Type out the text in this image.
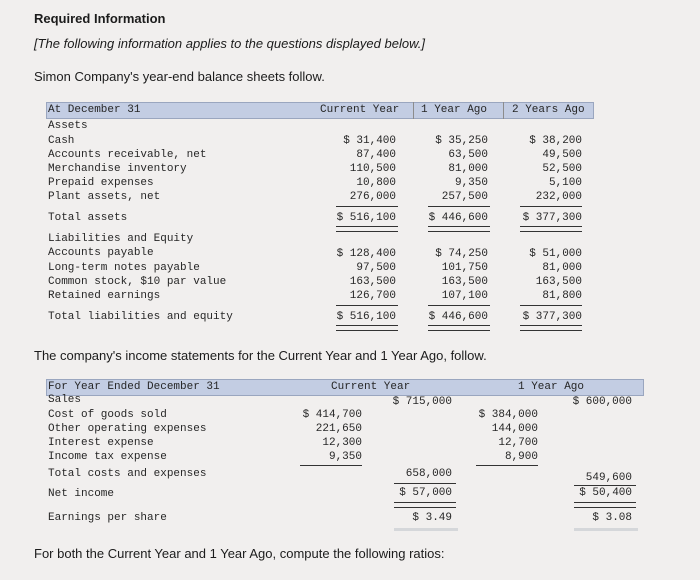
Required Information
[The following information applies to the questions displayed below.]
Simon Company's year-end balance sheets follow.
At December 31	Current Year 1 Year Ago 2 Years Ago
Assets
Cash	$ 31,400	$ 35,250	$ 38,200
Accounts receivable, net	87,400	63,500	49,500
Merchandise inventory	110,500	81,000	52,500
Prepaid expenses	10,800	9,350	5,100
Plant assets, net	276,000	257,500	232,000
Total assets	$ 516,100	$ 446,600	$ 377,300
Liabilities and Equity
Accounts payable	$ 128,400	$ 74,250	$ 51,000
Long-term notes payable	97,500	101,750	81,000
Common stock, $10 par value	163,500	163,500	163,500
Retained earnings	126,700	107,100	81,800
Total liabilities and equity	$ 516,100	$ 446,600	$ 377,300
The company's income statements for the Current Year and 1 Year Ago, follow.
For Year Ended December 31	Current Year	1 Year Ago
Sales	$ 715,000	$ 600,000
Cost of goods sold	$ 414,700	$ 384,000
Other operating expenses	221,650	144,000
Interest expense	12,300	12,700
Income tax expense	9,350	8,900
Total costs and expenses	658,000	549,600
Net income	$ 57,000	$ 50,400
Earnings per share	$ 3.49	$ 3.08
For both the Current Year and 1 Year Ago, compute the following ratios:
